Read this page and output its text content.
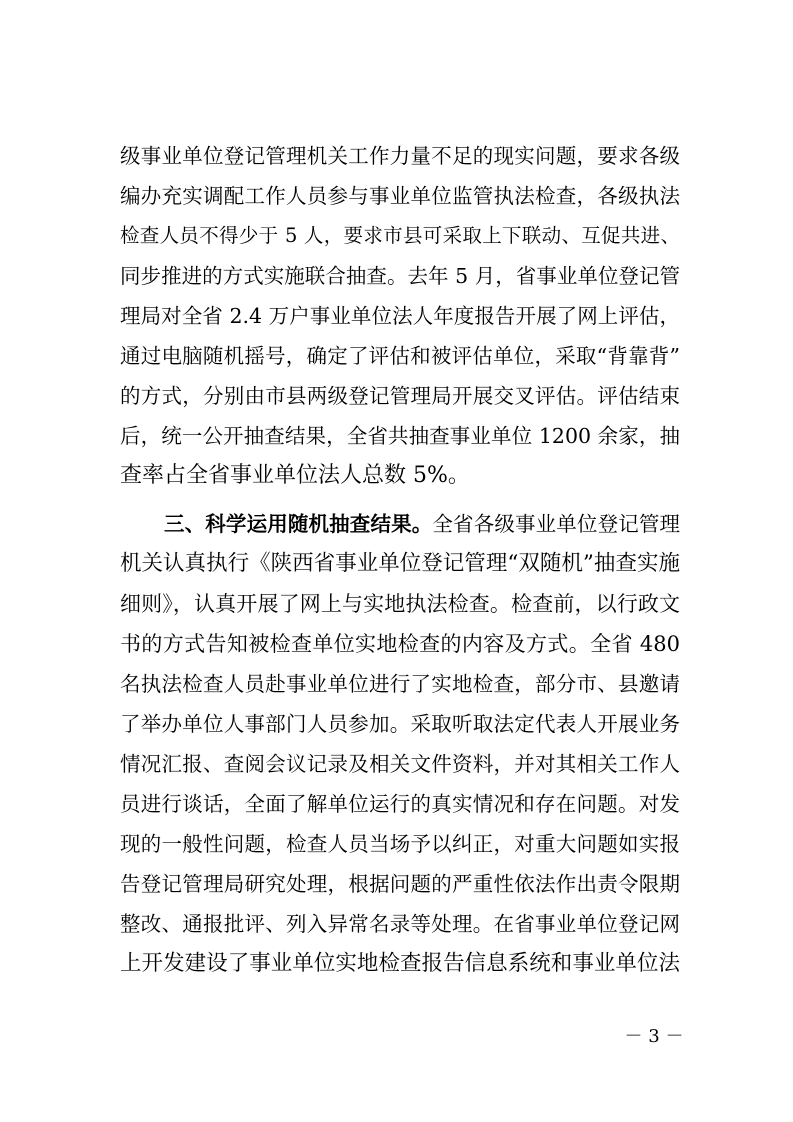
级事业单位登记管理机关工作力量不足的现实问题，要求各级
编办充实调配工作人员参与事业单位监管执法检查，各级执法
检查人员不得少于 5 人，要求市县可采取上下联动、互促共进、
同步推进的方式实施联合抽查。去年 5 月，省事业单位登记管
理局对全省 2.4 万户事业单位法人年度报告开展了网上评估，
通过电脑随机摇号，确定了评估和被评估单位，采取“背靠背”
的方式，分别由市县两级登记管理局开展交叉评估。评估结束
后，统一公开抽查结果，全省共抽查事业单位 1200 余家，抽
查率占全省事业单位法人总数 5%。
三、科学运用随机抽查结果。全省各级事业单位登记管理
机关认真执行《陕西省事业单位登记管理“双随机”抽查实施
细则》，认真开展了网上与实地执法检查。检查前，以行政文
书的方式告知被检查单位实地检查的内容及方式。全省 480
名执法检查人员赴事业单位进行了实地检查，部分市、县邀请
了举办单位人事部门人员参加。采取听取法定代表人开展业务
情况汇报、查阅会议记录及相关文件资料，并对其相关工作人
员进行谈话，全面了解单位运行的真实情况和存在问题。对发
现的一般性问题，检查人员当场予以纠正，对重大问题如实报
告登记管理局研究处理，根据问题的严重性依法作出责令限期
整改、通报批评、列入异常名录等处理。在省事业单位登记网
上开发建设了事业单位实地检查报告信息系统和事业单位法
－ 3 －
